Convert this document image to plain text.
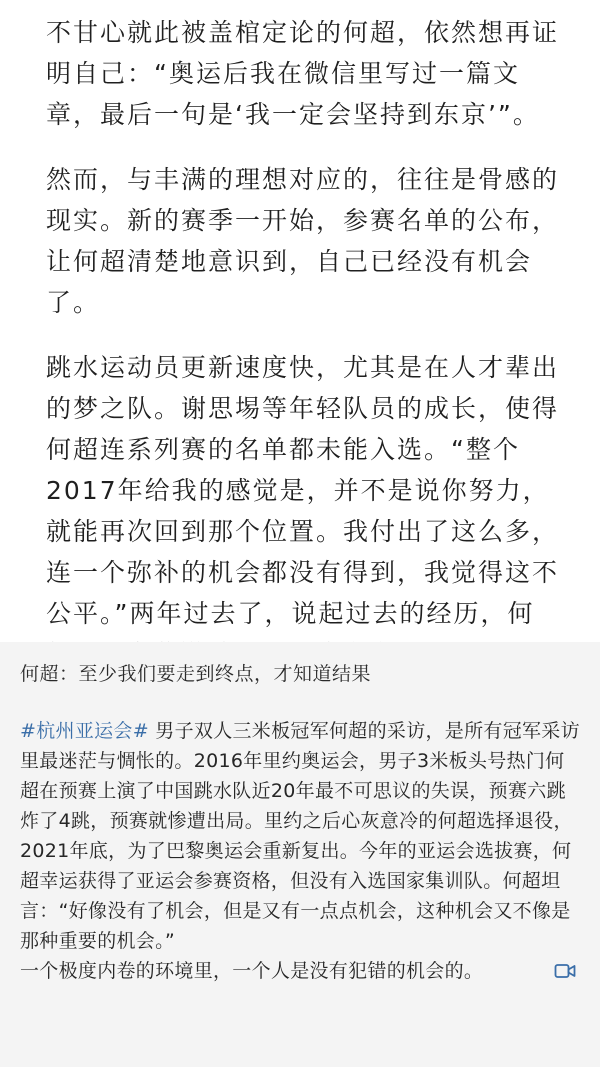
不甘心就此被盖棺定论的何超，依然想再证明自己：“奥运后我在微信里写过一篇文章，最后一句是‘我一定会坚持到东京’”。

然而，与丰满的理想对应的，往往是骨感的现实。新的赛季一开始，参赛名单的公布，让何超清楚地意识到，自己已经没有机会了。

跳水运动员更新速度快，尤其是在人才辈出的梦之队。谢思埸等年轻队员的成长，使得何超连系列赛的名单都未能入选。“整个2017年给我的感觉是，并不是说你努力，就能再次回到那个位置。我付出了这么多，连一个弥补的机会都没有得到，我觉得这不公平。”两年过去了，说起过去的经历，何

何超：至少我们要走到终点，才知道结果

#杭州亚运会# 男子双人三米板冠军何超的采访，是所有冠军采访里最迷茫与惆怅的。2016年里约奥运会，男子3米板头号热门何超在预赛上演了中国跳水队近20年最不可思议的失误，预赛六跳炸了4跳，预赛就惨遭出局。里约之后心灰意冷的何超选择退役，2021年底，为了巴黎奥运会重新复出。今年的亚运会选拔赛，何超幸运获得了亚运会参赛资格，但没有入选国家集训队。何超坦言：“好像没有了机会，但是又有一点点机会，这种机会又不像是那种重要的机会。”

一个极度内卷的环境里，一个人是没有犯错的机会的。
